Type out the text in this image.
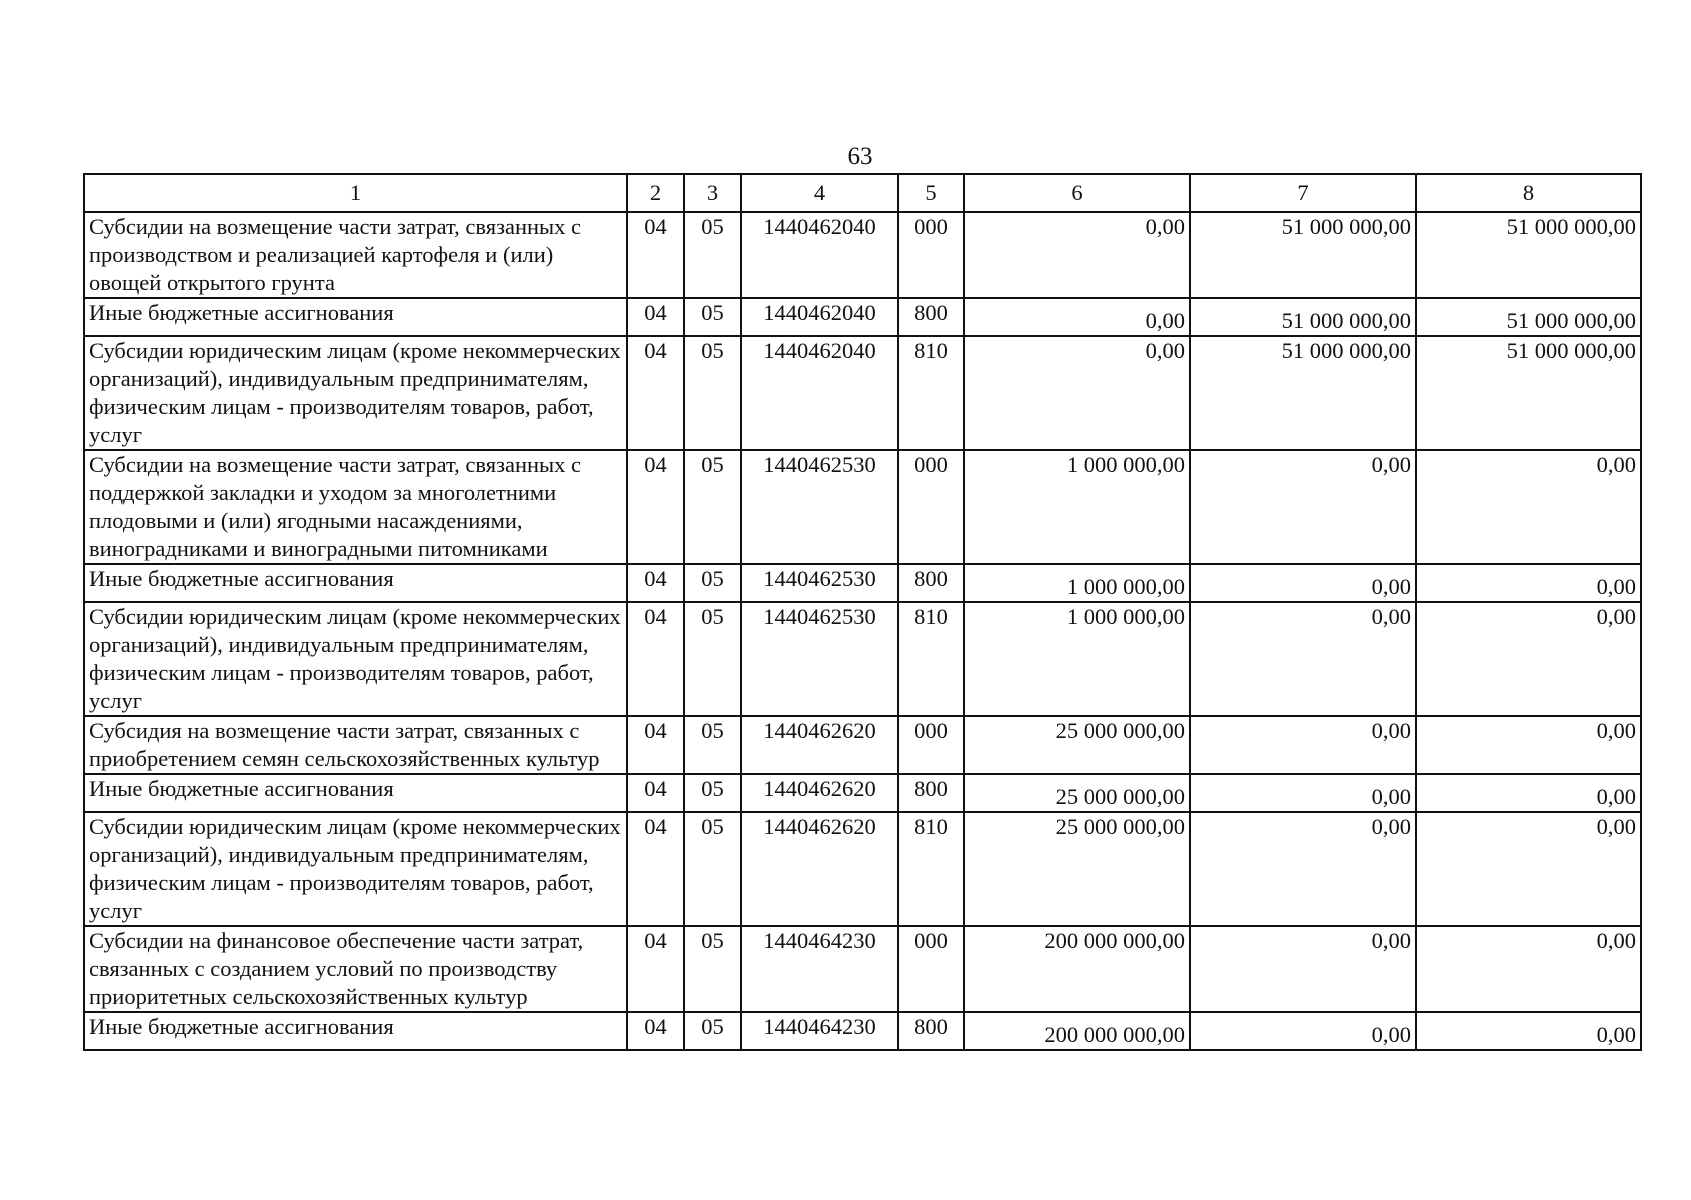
63
1	2	3	4	5	6	7	8
Субсидии на возмещение части затрат, связанных с производством и реализацией картофеля и (или) овощей открытого грунта	04	05	1440462040	000	0,00	51 000 000,00	51 000 000,00
Иные бюджетные ассигнования	04	05	1440462040	800	0,00	51 000 000,00	51 000 000,00
Субсидии юридическим лицам (кроме некоммерческих организаций), индивидуальным предпринимателям, физическим лицам - производителям товаров, работ, услуг	04	05	1440462040	810	0,00	51 000 000,00	51 000 000,00
Субсидии на возмещение части затрат, связанных с поддержкой закладки и уходом за многолетними плодовыми и (или) ягодными насаждениями, виноградниками и виноградными питомниками	04	05	1440462530	000	1 000 000,00	0,00	0,00
Иные бюджетные ассигнования	04	05	1440462530	800	1 000 000,00	0,00	0,00
Субсидии юридическим лицам (кроме некоммерческих организаций), индивидуальным предпринимателям, физическим лицам - производителям товаров, работ, услуг	04	05	1440462530	810	1 000 000,00	0,00	0,00
Субсидия на возмещение части затрат, связанных с приобретением семян сельскохозяйственных культур	04	05	1440462620	000	25 000 000,00	0,00	0,00
Иные бюджетные ассигнования	04	05	1440462620	800	25 000 000,00	0,00	0,00
Субсидии юридическим лицам (кроме некоммерческих организаций), индивидуальным предпринимателям, физическим лицам - производителям товаров, работ, услуг	04	05	1440462620	810	25 000 000,00	0,00	0,00
Субсидии на финансовое обеспечение части затрат, связанных с созданием условий по производству приоритетных сельскохозяйственных культур	04	05	1440464230	000	200 000 000,00	0,00	0,00
Иные бюджетные ассигнования	04	05	1440464230	800	200 000 000,00	0,00	0,00
